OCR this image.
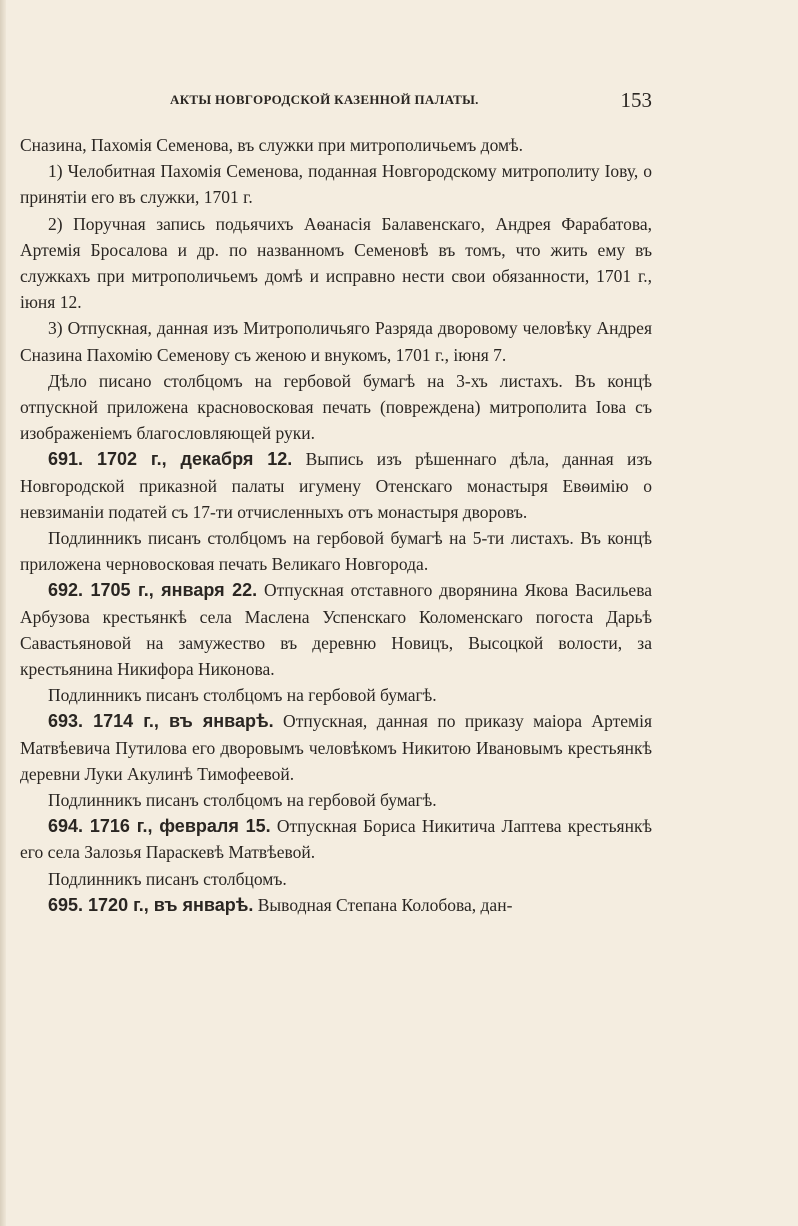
АКТЫ НОВГОРОДСКОЙ КАЗЕННОЙ ПАЛАТЫ.	153

Сназина, Пахомія Семенова, въ служки при митрополичьемъ домѣ.

1) Челобитная Пахомія Семенова, поданная Новгородскому митрополиту Іову, о принятіи его въ служки, 1701 г.

2) Поручная запись подьячихъ Аѳанасія Балавенскаго, Андрея Фарабатова, Артемія Бросалова и др. по названномъ Семеновѣ въ томъ, что жить ему въ служкахъ при митрополичьемъ домѣ и исправно нести свои обязанности, 1701 г., іюня 12.

3) Отпускная, данная изъ Митрополичьяго Разряда дворовому человѣку Андрея Сназина Пахомію Семенову съ женою и внукомъ, 1701 г., іюня 7.

Дѣло писано столбцомъ на гербовой бумагѣ на 3-хъ листахъ. Въ концѣ отпускной приложена красновосковая печать (повреждена) митрополита Іова съ изображеніемъ благословляющей руки.

691. 1702 г., декабря 12. Выпись изъ рѣшеннаго дѣла, данная изъ Новгородской приказной палаты игумену Отенскаго монастыря Евѳимію о невзиманіи податей съ 17-ти отчисленныхъ отъ монастыря дворовъ.

Подлинникъ писанъ столбцомъ на гербовой бумагѣ на 5-ти листахъ. Въ концѣ приложена черновосковая печать Великаго Новгорода.

692. 1705 г., января 22. Отпускная отставного дворянина Якова Васильева Арбузова крестьянкѣ села Маслена Успенскаго Коломенскаго погоста Дарьѣ Савастьяновой на замужество въ деревню Новицъ, Высоцкой волости, за крестьянина Никифора Никонова.

Подлинникъ писанъ столбцомъ на гербовой бумагѣ.

693. 1714 г., въ январѣ. Отпускная, данная по приказу маіора Артемія Матвѣевича Путилова его дворовымъ человѣкомъ Никитою Ивановымъ крестьянкѣ деревни Луки Акулинѣ Тимофеевой.

Подлинникъ писанъ столбцомъ на гербовой бумагѣ.

694. 1716 г., февраля 15. Отпускная Бориса Никитича Лаптева крестьянкѣ его села Залозья Параскевѣ Матвѣевой.

Подлинникъ писанъ столбцомъ.

695. 1720 г., въ январѣ. Выводная Степана Колобова, дан-
